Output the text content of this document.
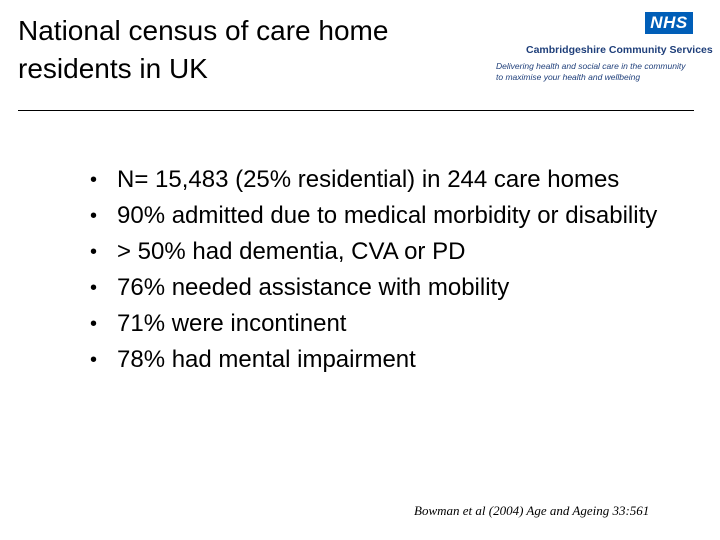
National census of care home residents in UK
NHS
Cambridgeshire Community Services
Delivering health and social care in the community
to maximise your health and wellbeing
• N= 15,483 (25% residential) in 244 care homes
• 90% admitted due to medical morbidity or disability
• > 50% had dementia, CVA or PD
• 76% needed assistance with mobility
• 71% were incontinent
• 78% had mental impairment
Bowman et al (2004) Age and Ageing 33:561
